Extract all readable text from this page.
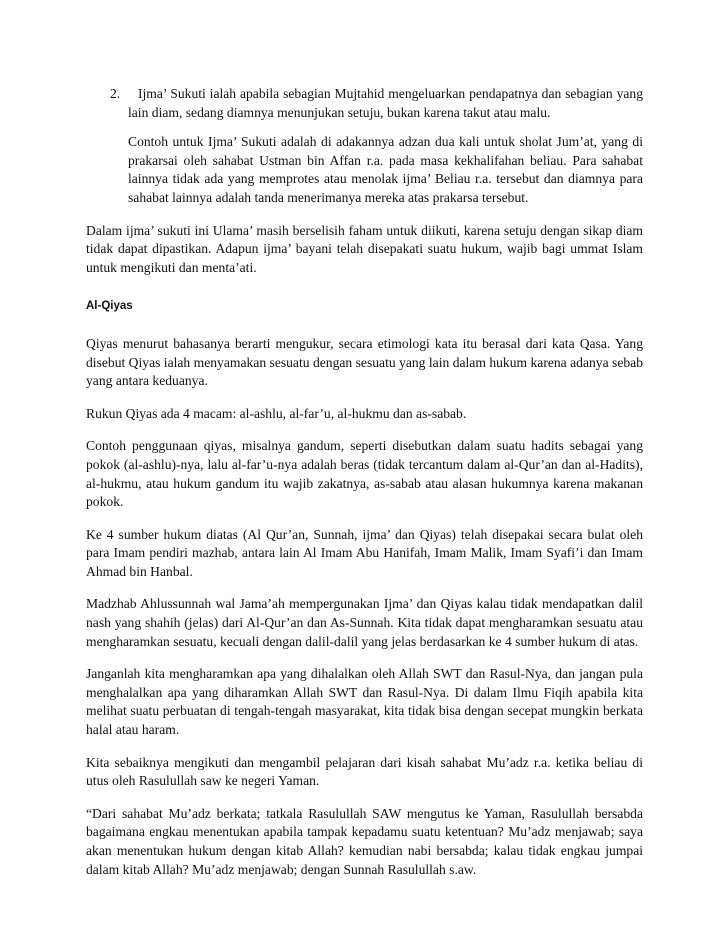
2.	Ijma’ Sukuti ialah apabila sebagian Mujtahid mengeluarkan pendapatnya dan sebagian yang lain diam, sedang diamnya menunjukan setuju, bukan karena takut atau malu.

Contoh untuk Ijma’ Sukuti adalah di adakannya adzan dua kali untuk sholat Jum’at, yang di prakarsai oleh sahabat Ustman bin Affan r.a. pada masa kekhalifahan beliau. Para sahabat lainnya tidak ada yang memprotes atau menolak ijma’ Beliau r.a. tersebut dan diamnya para sahabat lainnya adalah tanda menerimanya mereka atas prakarsa tersebut.

Dalam ijma’ sukuti ini Ulama’ masih berselisih faham untuk diikuti, karena setuju dengan sikap diam tidak dapat dipastikan. Adapun ijma’ bayani telah disepakati suatu hukum, wajib bagi ummat Islam untuk mengikuti dan menta’ati.

Al-Qiyas

Qiyas menurut bahasanya berarti mengukur, secara etimologi kata itu berasal dari kata Qasa. Yang disebut Qiyas ialah menyamakan sesuatu dengan sesuatu yang lain dalam hukum karena adanya sebab yang antara keduanya.

Rukun Qiyas ada 4 macam: al-ashlu, al-far’u, al-hukmu dan as-sabab.

Contoh penggunaan qiyas, misalnya gandum, seperti disebutkan dalam suatu hadits sebagai yang pokok (al-ashlu)-nya, lalu al-far’u-nya adalah beras (tidak tercantum dalam al-Qur’an dan al-Hadits), al-hukmu, atau hukum gandum itu wajib zakatnya, as-sabab atau alasan hukumnya karena makanan pokok.

Ke 4 sumber hukum diatas (Al Qur’an, Sunnah, ijma’ dan Qiyas) telah disepakai secara bulat oleh para Imam pendiri mazhab, antara lain Al Imam Abu Hanifah, Imam Malik, Imam Syafi’i dan Imam Ahmad bin Hanbal.

Madzhab Ahlussunnah wal Jama’ah mempergunakan Ijma’ dan Qiyas kalau tidak mendapatkan dalil nash yang shahih (jelas) dari Al-Qur’an dan As-Sunnah. Kita tidak dapat mengharamkan sesuatu atau mengharamkan sesuatu, kecuali dengan dalil-dalil yang jelas berdasarkan ke 4 sumber hukum di atas.

Janganlah kita mengharamkan apa yang dihalalkan oleh Allah SWT dan Rasul-Nya, dan jangan pula menghalalkan apa yang diharamkan Allah SWT dan Rasul-Nya. Di dalam Ilmu Fiqih apabila kita melihat suatu perbuatan di tengah-tengah masyarakat, kita tidak bisa dengan secepat mungkin berkata halal atau haram.

Kita sebaiknya mengikuti dan mengambil pelajaran dari kisah sahabat Mu’adz r.a. ketika beliau di utus oleh Rasulullah saw ke negeri Yaman.

“Dari sahabat Mu’adz berkata; tatkala Rasulullah SAW mengutus ke Yaman, Rasulullah bersabda bagaimana engkau menentukan apabila tampak kepadamu suatu ketentuan? Mu’adz menjawab; saya akan menentukan hukum dengan kitab Allah? kemudian nabi bersabda; kalau tidak engkau jumpai dalam kitab Allah? Mu’adz menjawab; dengan Sunnah Rasulullah s.aw.
